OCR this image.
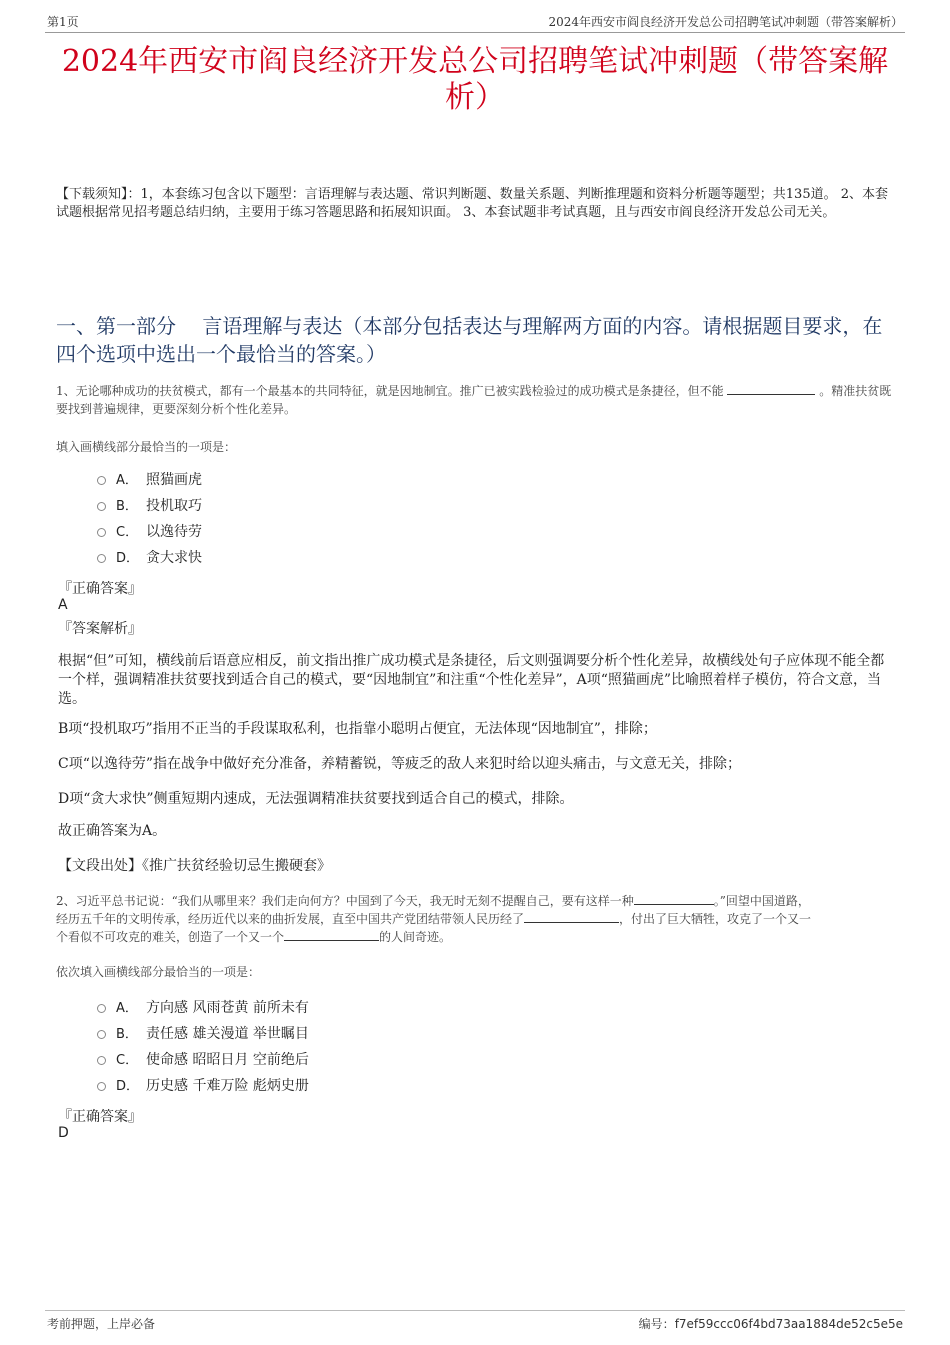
第1页	2024年西安市阎良经济开发总公司招聘笔试冲刺题（带答案解析）
2024年西安市阎良经济开发总公司招聘笔试冲刺题（带答案解析）
【下载须知】：1，本套练习包含以下题型：言语理解与表达题、常识判断题、数量关系题、判断推理题和资料分析题等题型；共135道。 2、本套试题根据常见招考题总结归纳，主要用于练习答题思路和拓展知识面。 3、本套试题非考试真题，且与西安市阎良经济开发总公司无关。
一、第一部分　 言语理解与表达（本部分包括表达与理解两方面的内容。请根据题目要求，在四个选项中选出一个最恰当的答案。）
1、无论哪种成功的扶贫模式，都有一个最基本的共同特征，就是因地制宜。推广已被实践检验过的成功模式是条捷径，但不能	。精准扶贫既要找到普遍规律，更要深刻分析个性化差异。
填入画横线部分最恰当的一项是：
A． 照猫画虎
B． 投机取巧
C． 以逸待劳
D． 贪大求快
『正确答案』
A
『答案解析』
根据“但”可知，横线前后语意应相反，前文指出推广成功模式是条捷径，后文则强调要分析个性化差异，故横线处句子应体现不能全都一个样，强调精准扶贫要找到适合自己的模式，要“因地制宜”和注重“个性化差异”，A项“照猫画虎”比喻照着样子模仿，符合文意，当选。
B项“投机取巧”指用不正当的手段谋取私利，也指靠小聪明占便宜，无法体现“因地制宜”，排除；
C项“以逸待劳”指在战争中做好充分准备，养精蓄锐，等疲乏的敌人来犯时给以迎头痛击，与文意无关，排除；
D项“贪大求快”侧重短期内速成，无法强调精准扶贫要找到适合自己的模式，排除。
故正确答案为A。
【文段出处】《推广扶贫经验切忌生搬硬套》
2、习近平总书记说：“我们从哪里来？我们走向何方？中国到了今天，我无时无刻不提醒自己，要有这样一种	。”回望中国道路，
经历五千年的文明传承，经历近代以来的曲折发展，直至中国共产党团结带领人民历经了	，付出了巨大牺牲，攻克了一个又一
个看似不可攻克的难关，创造了一个又一个	的人间奇迹。
依次填入画横线部分最恰当的一项是：
A． 方向感 风雨苍黄 前所未有
B． 责任感 雄关漫道 举世瞩目
C． 使命感 昭昭日月 空前绝后
D． 历史感 千难万险 彪炳史册
『正确答案』
D
考前押题，上岸必备	编号：f7ef59ccc06f4bd73aa1884de52c5e5e
